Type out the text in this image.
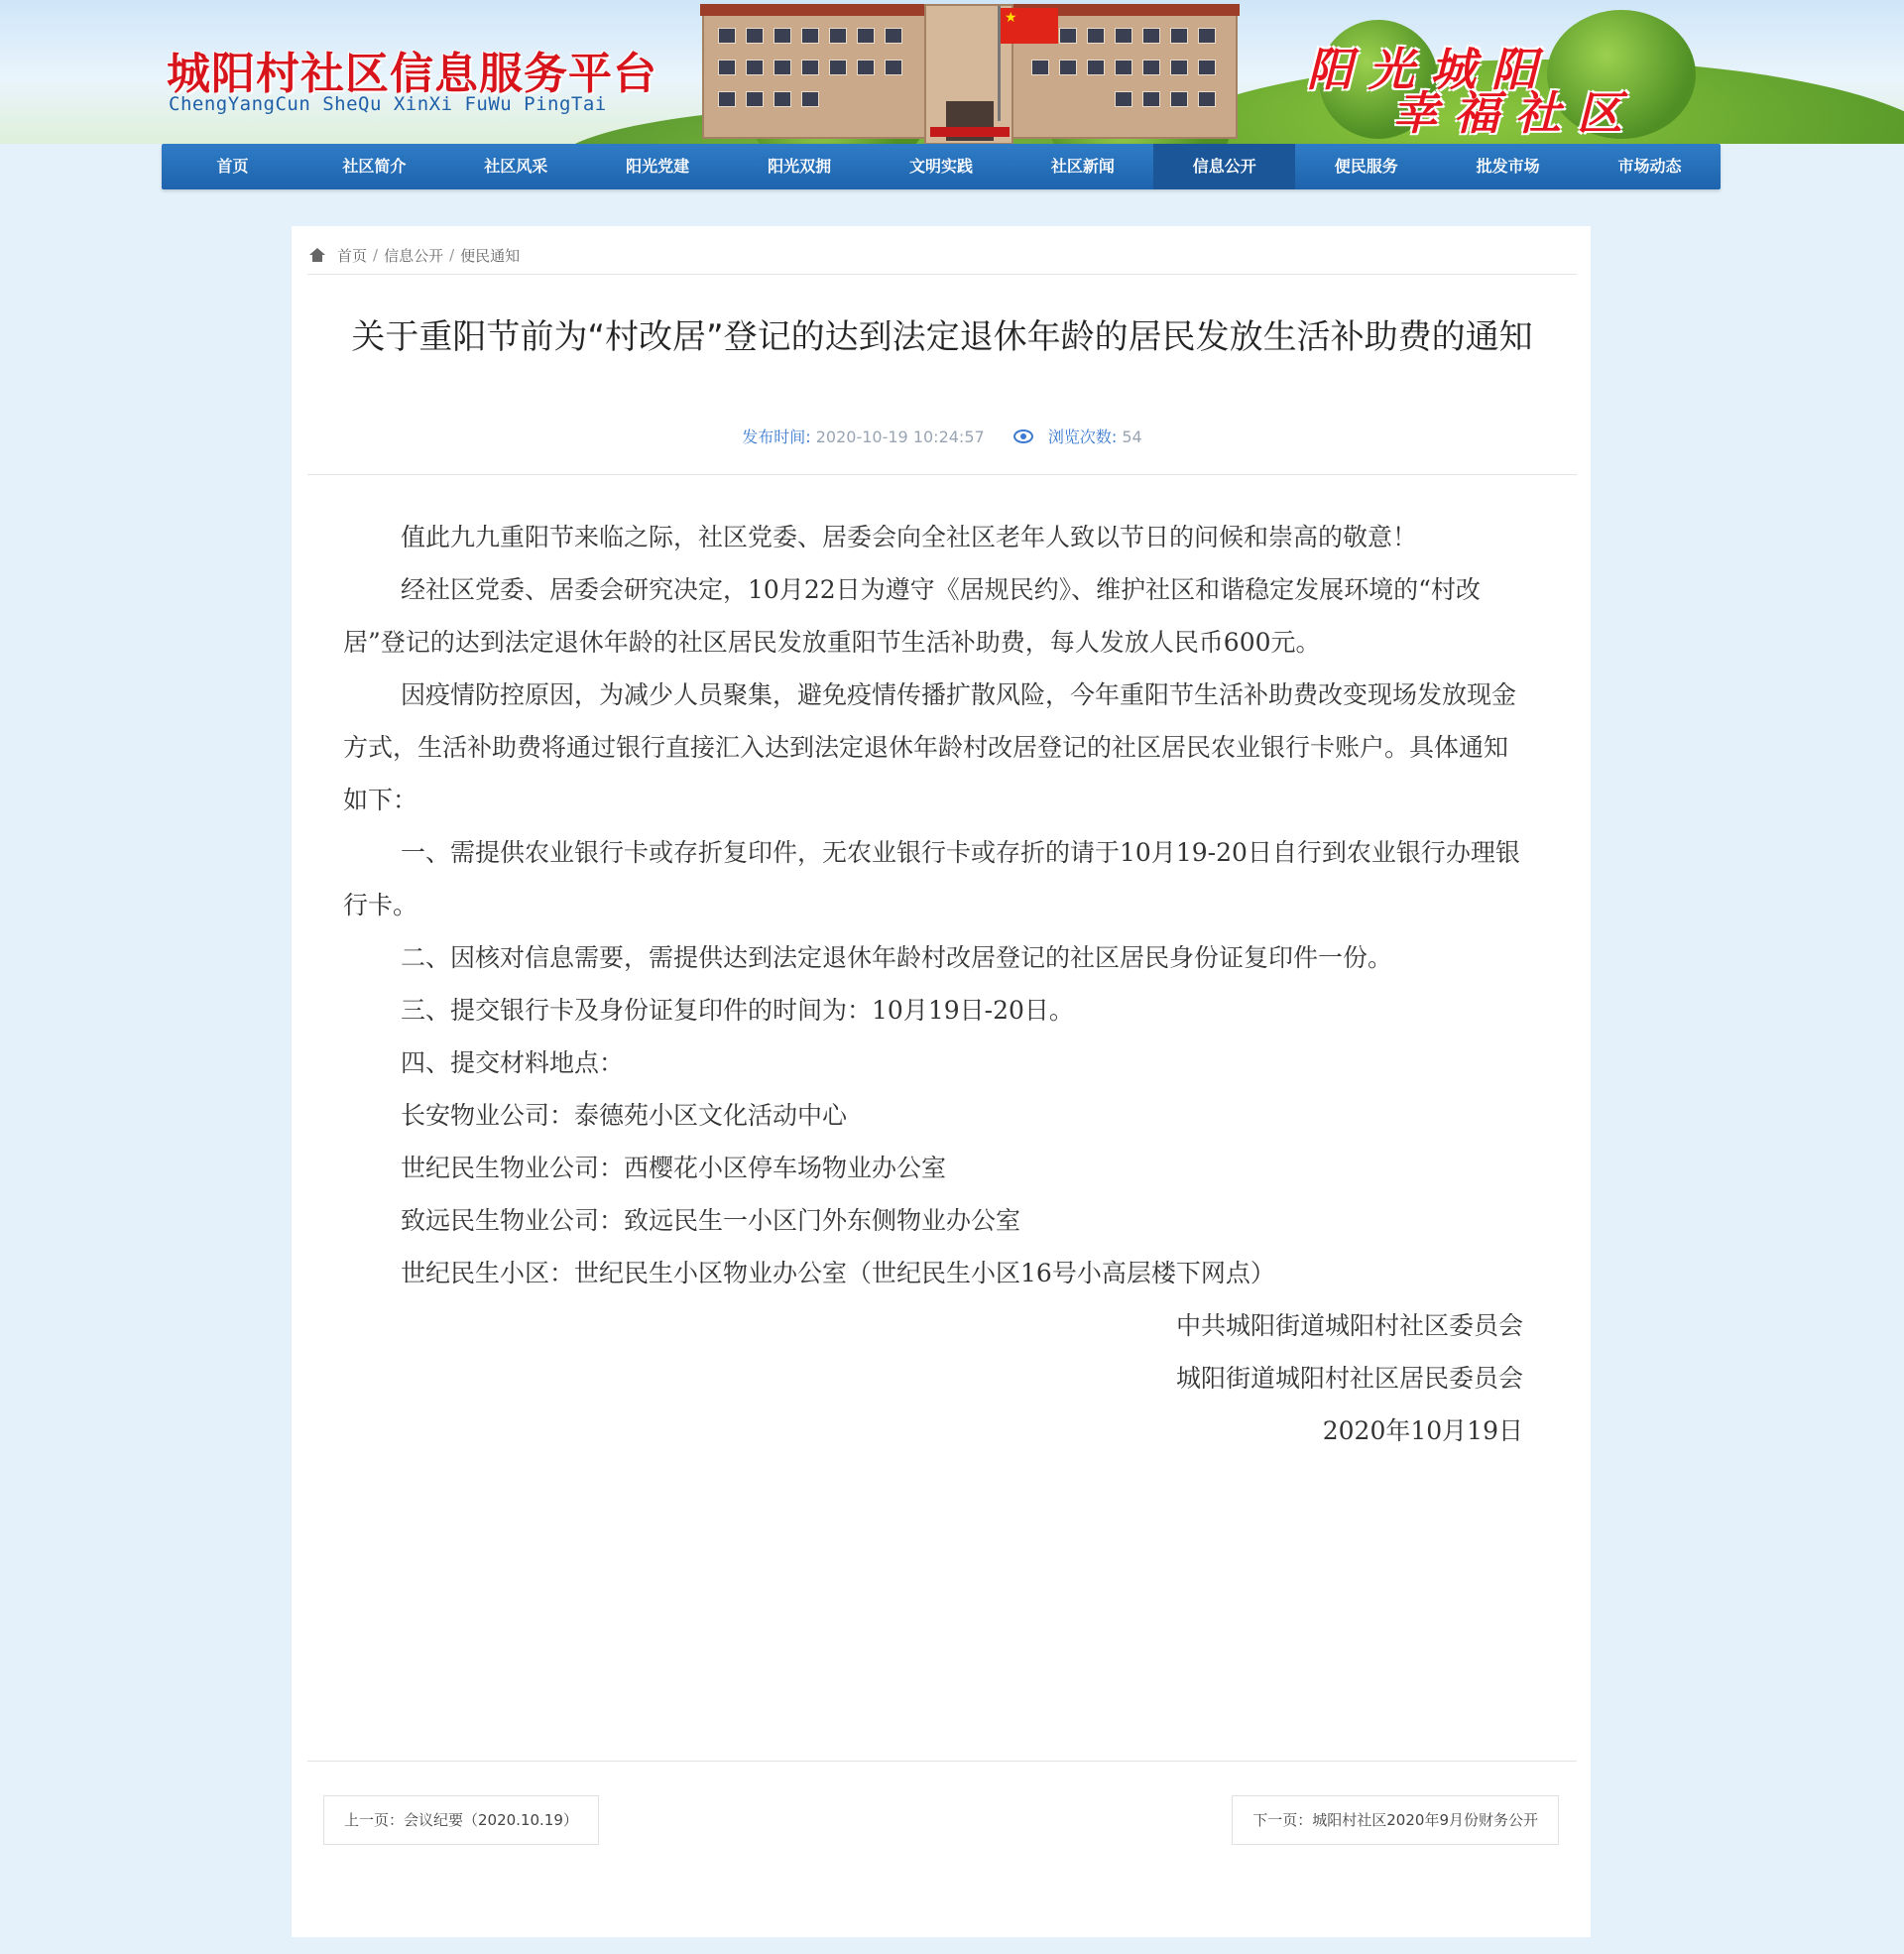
★
城阳村社区信息服务平台
ChengYangCun SheQu XinXi FuWu PingTai
阳光城阳
幸福社区
首页	社区简介	社区风采	阳光党建	阳光双拥	文明实践	社区新闻	信息公开	便民服务	批发市场	市场动态
首页 / 信息公开 / 便民通知
关于重阳节前为“村改居”登记的达到法定退休年龄的居民发放生活补助费的通知
发布时间: 2020-10-19 10:24:57	浏览次数: 54

值此九九重阳节来临之际，社区党委、居委会向全社区老年人致以节日的问候和崇高的敬意！

经社区党委、居委会研究决定，10月22日为遵守《居规民约》、维护社区和谐稳定发展环境的“村改居”登记的达到法定退休年龄的社区居民发放重阳节生活补助费，每人发放人民币600元。

因疫情防控原因，为减少人员聚集，避免疫情传播扩散风险，今年重阳节生活补助费改变现场发放现金方式，生活补助费将通过银行直接汇入达到法定退休年龄村改居登记的社区居民农业银行卡账户。具体通知如下：

一、需提供农业银行卡或存折复印件，无农业银行卡或存折的请于10月19-20日自行到农业银行办理银行卡。

二、因核对信息需要，需提供达到法定退休年龄村改居登记的社区居民身份证复印件一份。

三、提交银行卡及身份证复印件的时间为：10月19日-20日。

四、提交材料地点：

长安物业公司：泰德苑小区文化活动中心

世纪民生物业公司：西樱花小区停车场物业办公室

致远民生物业公司：致远民生一小区门外东侧物业办公室

世纪民生小区：世纪民生小区物业办公室（世纪民生小区16号小高层楼下网点）

中共城阳街道城阳村社区委员会

城阳街道城阳村社区居民委员会

2020年10月19日

上一页：会议纪要（2020.10.19）	下一页：城阳村社区2020年9月份财务公开
